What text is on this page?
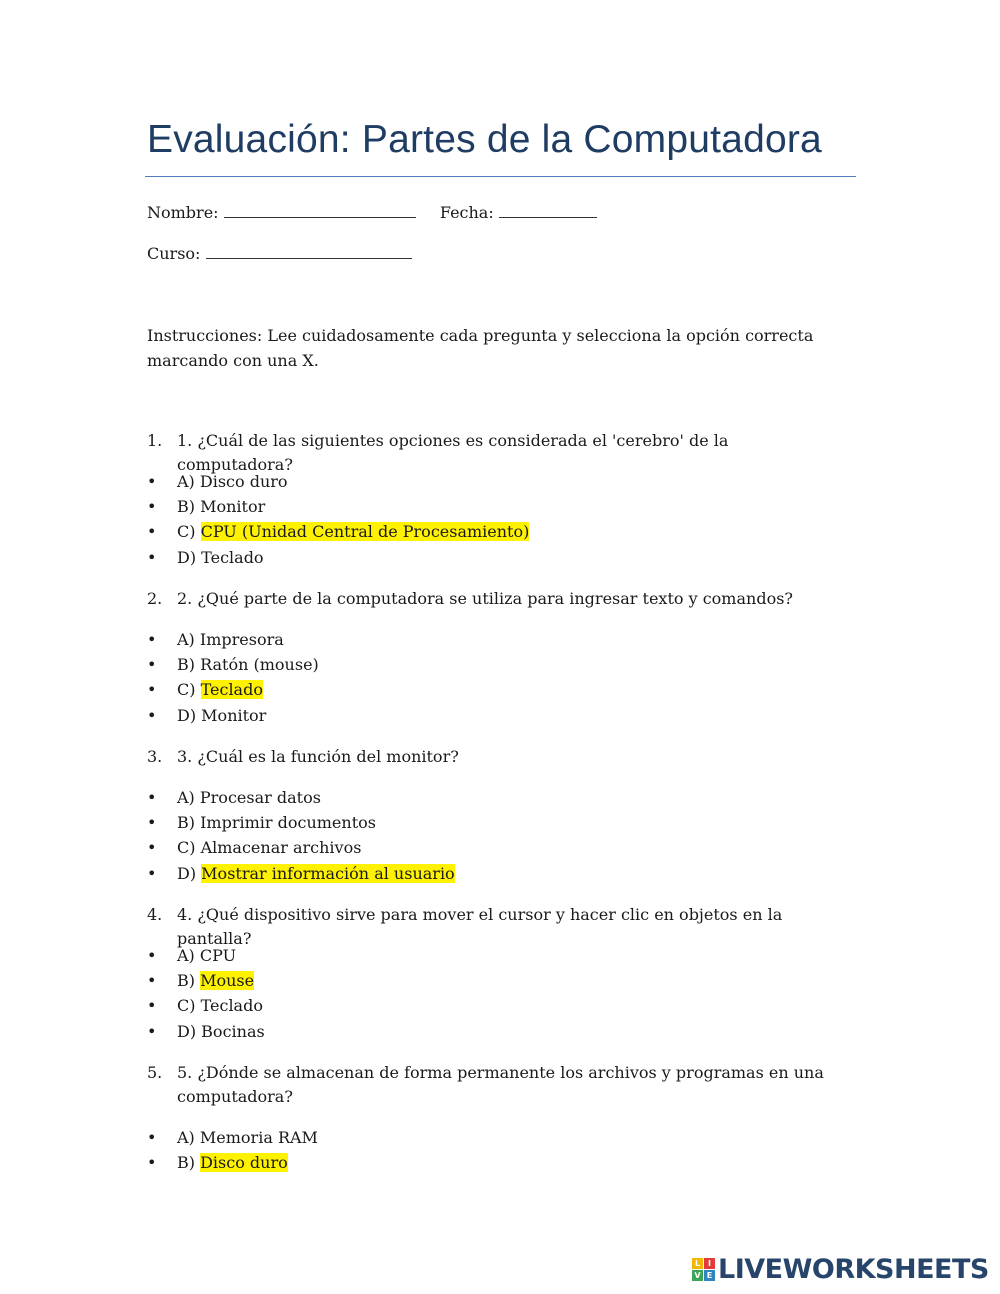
Evaluación: Partes de la Computadora
Nombre:	Fecha:
Curso:
Instrucciones: Lee cuidadosamente cada pregunta y selecciona la opción correcta marcando con una X.
1. 1. ¿Cuál de las siguientes opciones es considerada el 'cerebro' de la computadora?
• A) Disco duro
• B) Monitor
• C) CPU (Unidad Central de Procesamiento)
• D) Teclado
2. 2. ¿Qué parte de la computadora se utiliza para ingresar texto y comandos?
• A) Impresora
• B) Ratón (mouse)
• C) Teclado
• D) Monitor
3. 3. ¿Cuál es la función del monitor?
• A) Procesar datos
• B) Imprimir documentos
• C) Almacenar archivos
• D) Mostrar información al usuario
4. 4. ¿Qué dispositivo sirve para mover el cursor y hacer clic en objetos en la pantalla?
• A) CPU
• B) Mouse
• C) Teclado
• D) Bocinas
5. 5. ¿Dónde se almacenan de forma permanente los archivos y programas en una computadora?
• A) Memoria RAM
• B) Disco duro
L I
V E LIVEWORKSHEETS
